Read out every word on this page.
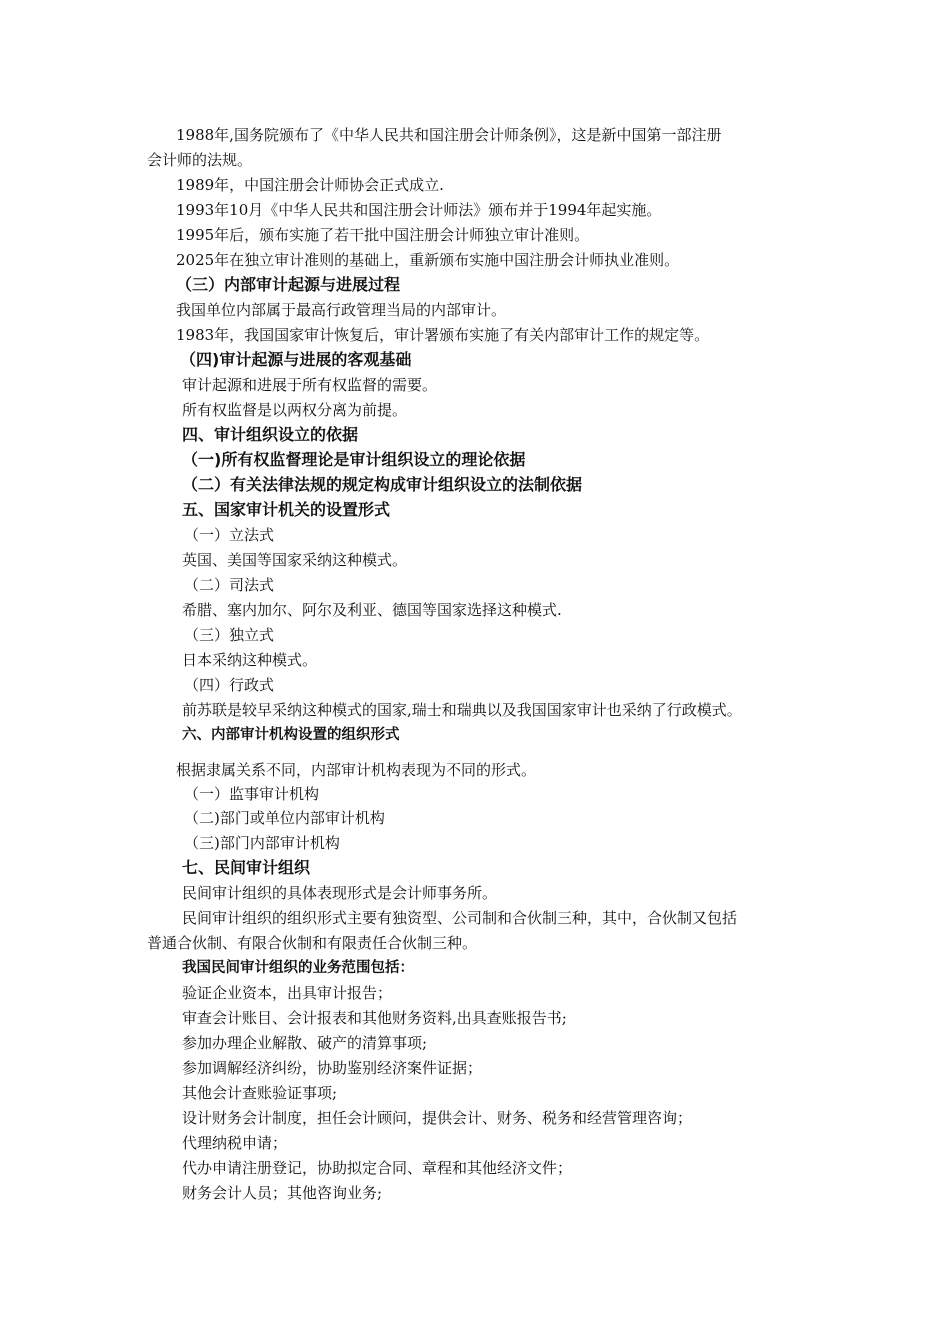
1988年,国务院颁布了《中华人民共和国注册会计师条例》，这是新中国第一部注册
会计师的法规。
1989年，中国注册会计师协会正式成立.
1993年10月《中华人民共和国注册会计师法》颁布并于1994年起实施。
1995年后，颁布实施了若干批中国注册会计师独立审计准则。
2025年在独立审计准则的基础上，重新颁布实施中国注册会计师执业准则。
（三）内部审计起源与进展过程
我国单位内部属于最高行政管理当局的内部审计。
1983年，我国国家审计恢复后，审计署颁布实施了有关内部审计工作的规定等。
（四)审计起源与进展的客观基础
审计起源和进展于所有权监督的需要。
所有权监督是以两权分离为前提。
四、审计组织设立的依据
（一)所有权监督理论是审计组织设立的理论依据
（二）有关法律法规的规定构成审计组织设立的法制依据
五、国家审计机关的设置形式
（一）立法式
英国、美国等国家采纳这种模式。
（二）司法式
希腊、塞内加尔、阿尔及利亚、德国等国家选择这种模式.
（三）独立式
日本采纳这种模式。
（四）行政式
前苏联是较早采纳这种模式的国家,瑞士和瑞典以及我国国家审计也采纳了行政模式。
六、内部审计机构设置的组织形式
根据隶属关系不同，内部审计机构表现为不同的形式。
（一）监事审计机构
（二)部门或单位内部审计机构
（三)部门内部审计机构
七、民间审计组织
民间审计组织的具体表现形式是会计师事务所。
民间审计组织的组织形式主要有独资型、公司制和合伙制三种，其中，合伙制又包括
普通合伙制、有限合伙制和有限责任合伙制三种。
我国民间审计组织的业务范围包括：
验证企业资本，出具审计报告；
审查会计账目、会计报表和其他财务资料,出具查账报告书;
参加办理企业解散、破产的清算事项;
参加调解经济纠纷，协助鉴别经济案件证据；
其他会计查账验证事项;
设计财务会计制度，担任会计顾问，提供会计、财务、税务和经营管理咨询；
代理纳税申请；
代办申请注册登记，协助拟定合同、章程和其他经济文件；
财务会计人员；其他咨询业务;
